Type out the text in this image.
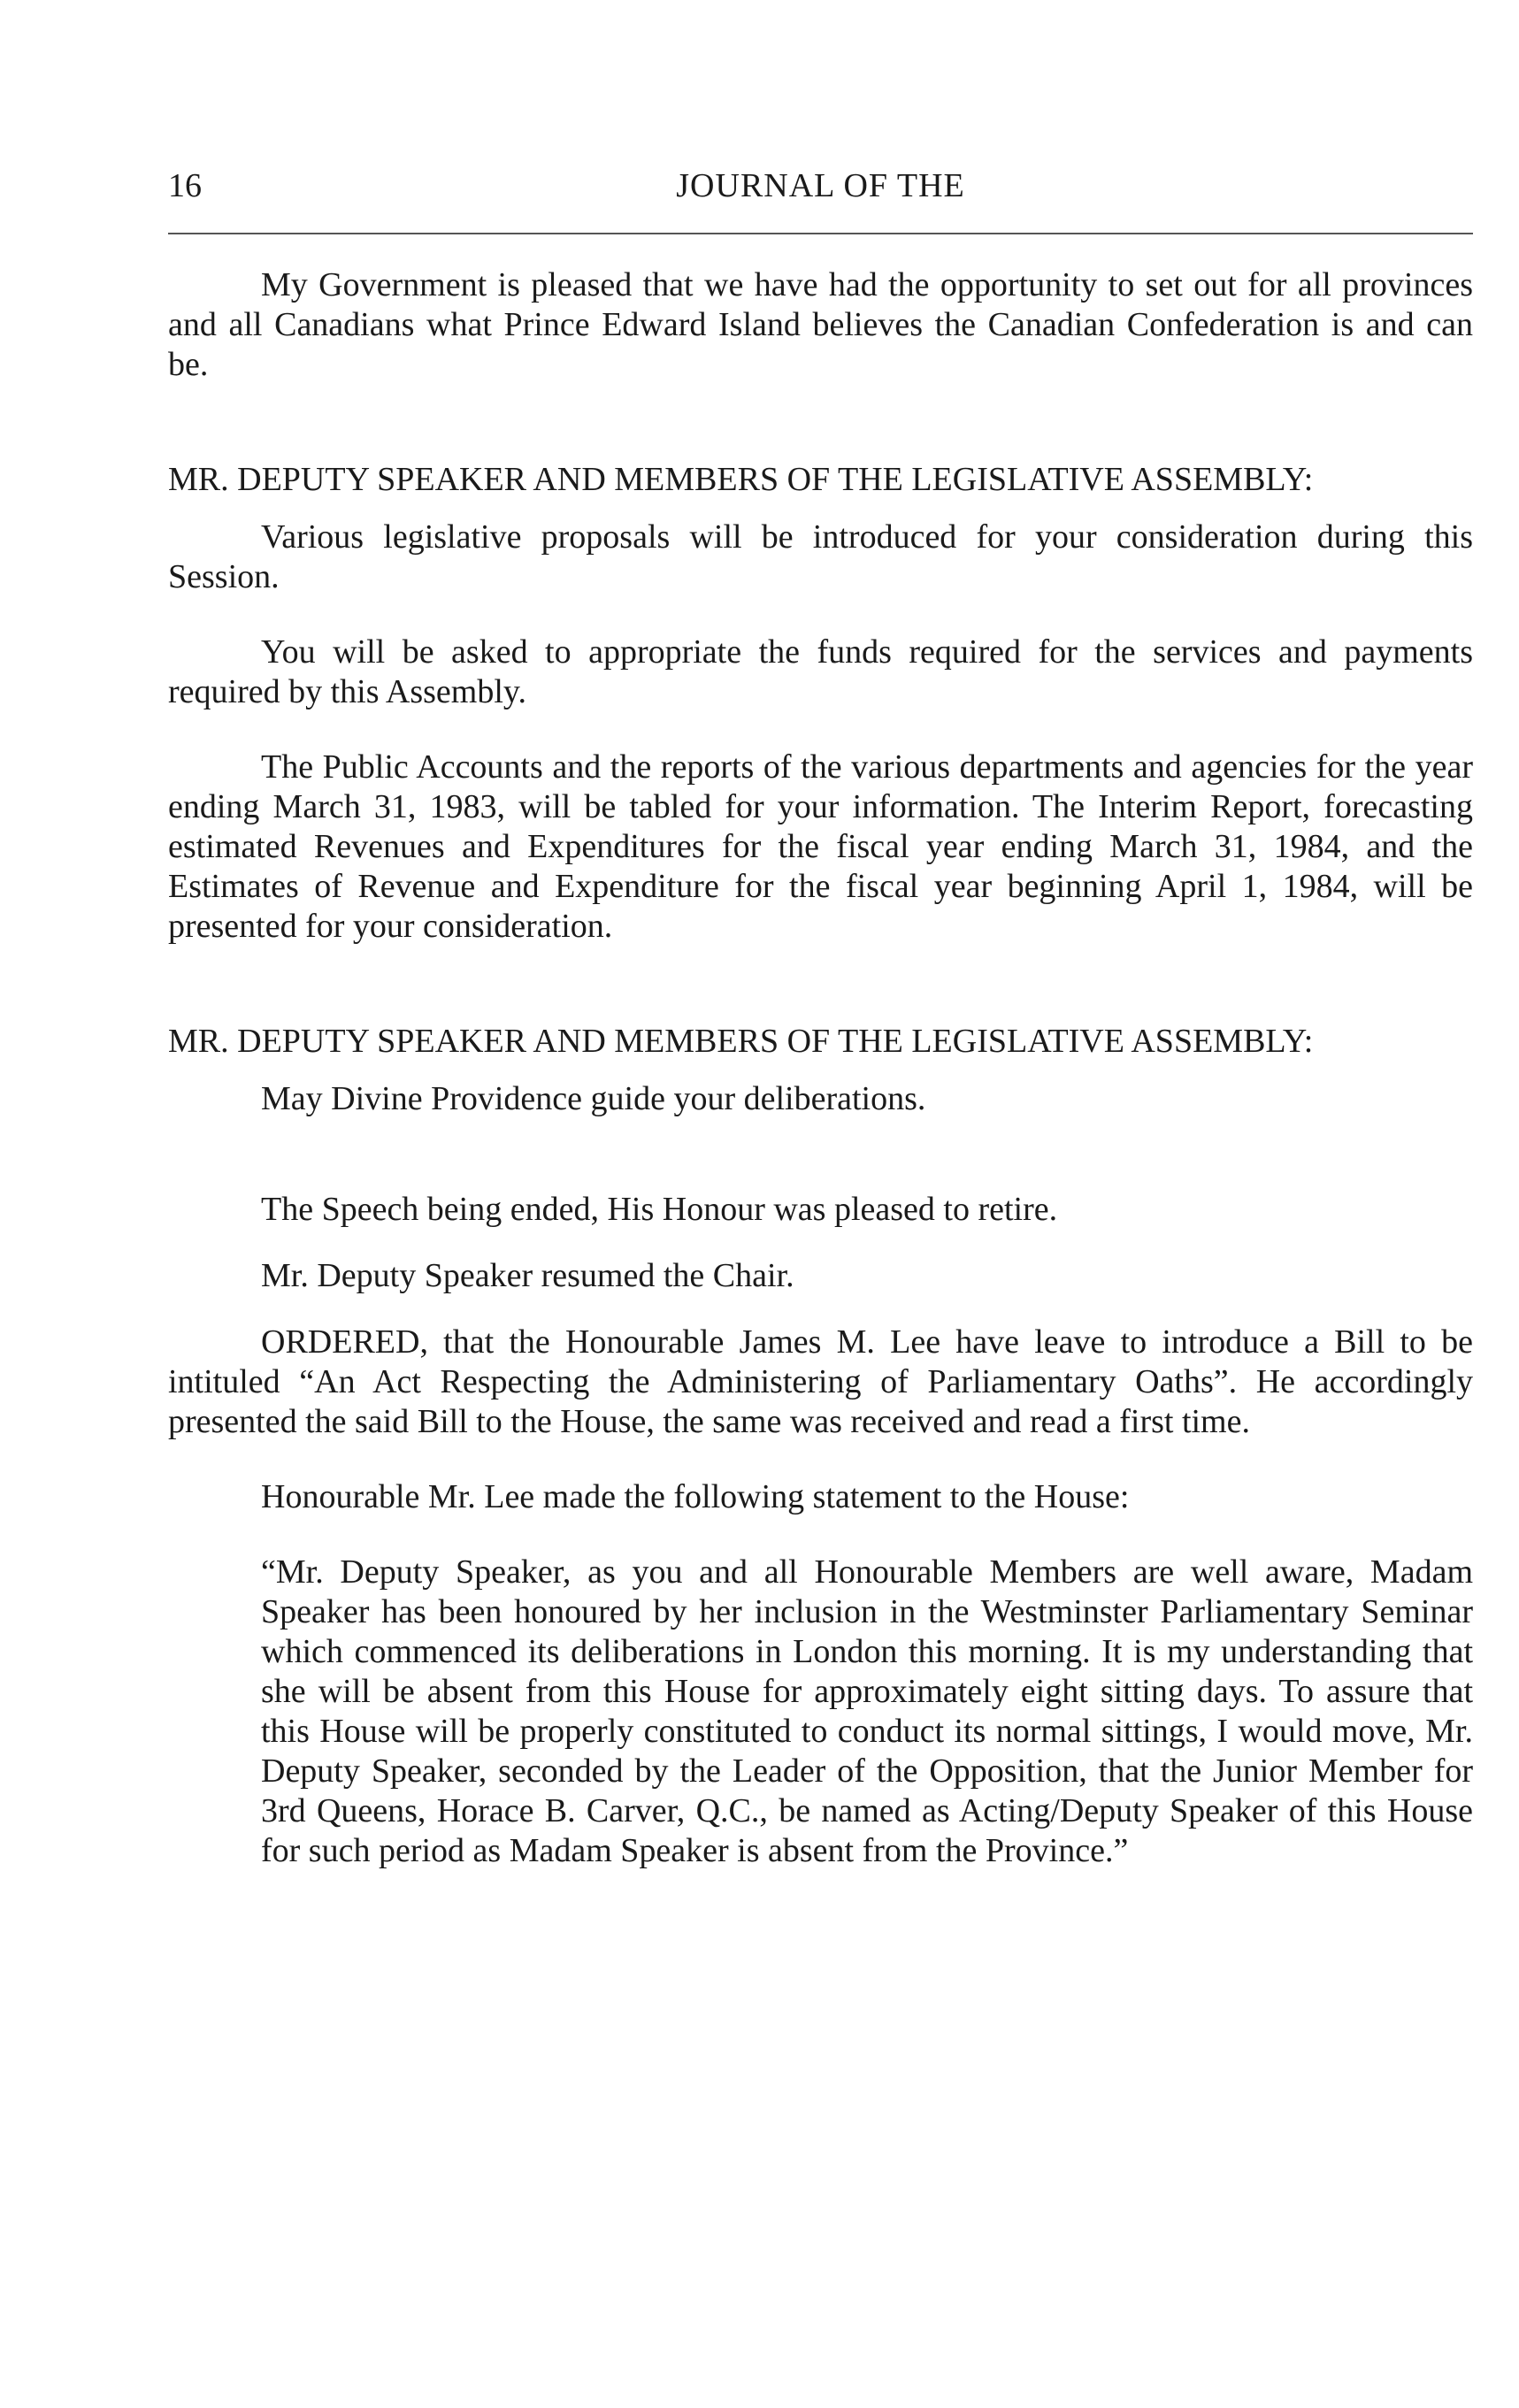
16	JOURNAL OF THE

My Government is pleased that we have had the opportunity to set out for all provinces and all Canadians what Prince Edward Island believes the Canadian Confederation is and can be.

MR. DEPUTY SPEAKER AND MEMBERS OF THE LEGISLATIVE ASSEMBLY:

Various legislative proposals will be introduced for your consideration during this Session.

You will be asked to appropriate the funds required for the services and payments required by this Assembly.

The Public Accounts and the reports of the various departments and agencies for the year ending March 31, 1983, will be tabled for your information. The Interim Report, forecasting estimated Revenues and Expenditures for the fiscal year ending March 31, 1984, and the Estimates of Revenue and Expenditure for the fiscal year beginning April 1, 1984, will be presented for your consideration.

MR. DEPUTY SPEAKER AND MEMBERS OF THE LEGISLATIVE ASSEMBLY:

May Divine Providence guide your deliberations.

The Speech being ended, His Honour was pleased to retire.

Mr. Deputy Speaker resumed the Chair.

ORDERED, that the Honourable James M. Lee have leave to introduce a Bill to be intituled “An Act Respecting the Administering of Parliamentary Oaths”. He accordingly presented the said Bill to the House, the same was received and read a first time.

Honourable Mr. Lee made the following statement to the House:

“Mr. Deputy Speaker, as you and all Honourable Members are well aware, Madam Speaker has been honoured by her inclusion in the Westminster Parliamentary Seminar which commenced its deliberations in London this morning. It is my understanding that she will be absent from this House for approximately eight sitting days. To assure that this House will be properly constituted to conduct its normal sittings, I would move, Mr. Deputy Speaker, seconded by the Leader of the Opposition, that the Junior Member for 3rd Queens, Horace B. Carver, Q.C., be named as Acting/Deputy Speaker of this House for such period as Madam Speaker is absent from the Province.”
